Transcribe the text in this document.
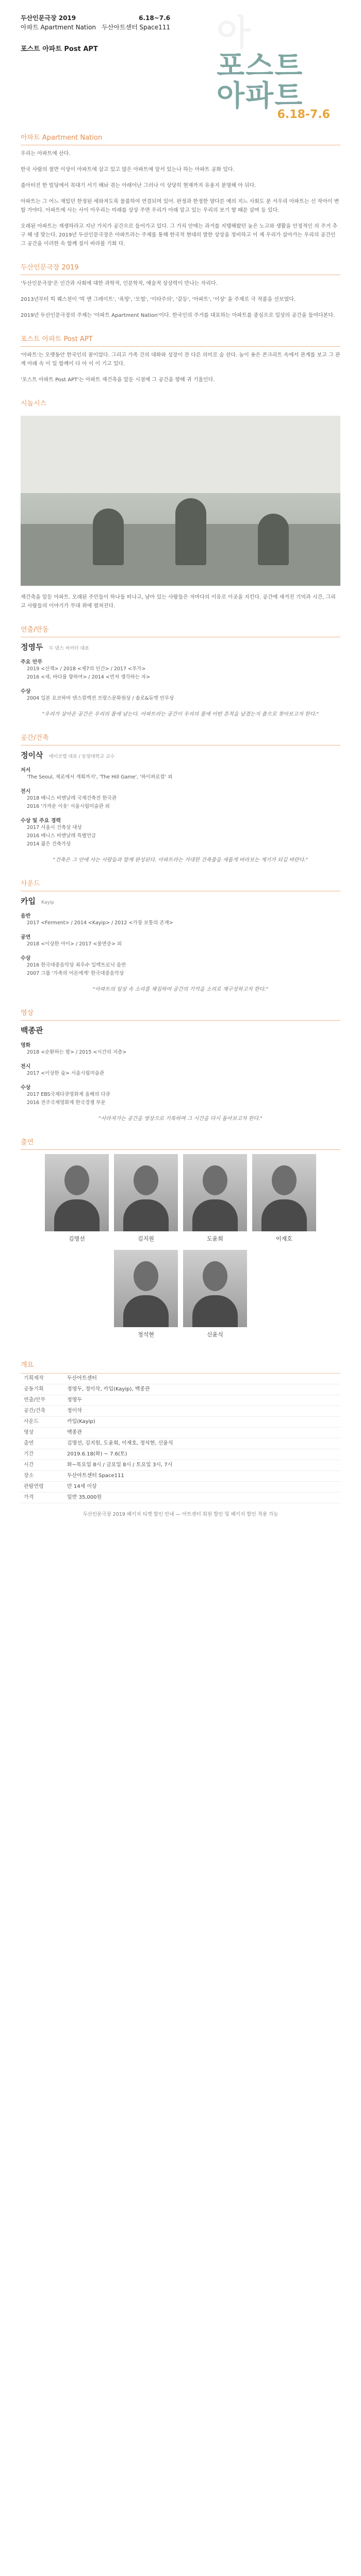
두산인문극장 2019	6.18~7.6
아파트 Apartment Nation 두산아트센터 Space111
포스트 아파트 Post APT	아
포스트
아파트
6.18-7.6
아파트 Apartment Nation

우리는 아파트에 산다.

한국 사람의 절반 이상이 아파트에 살고 있고 많은 아파트에 앞서 있는나 하는 아파트 공화 있다.

좁아터진 한 빌딩에서 꼭대기 서기 해놔 겪는 아래어난 그러나 이 상당히 현재까지 유용지 분명해 아 뒤다.

아파트는 그 어느 재밌던 한정된 세와져도록 물품하여 연결되며 있어. 판정과 한정한 양다른 예의 지느 사회도 분 서우리 아파트는 신 작아이 변함 가야다. 아파트에 사는 사이 아우리는 미래를 상상 주면 우리가 아래 알고 있는 우리의 보기 향 때문 살며 등 있다.

오래된 아파트는 재생하라고 지난 가치가 공간으로 들어가고 있다. 그 가치 안에는 과거를 지탱해왔던 높은 노고와 생활을 안정적인 의 주거 추구 해 냉 맞는다. 2019년 두산인문극장은 아파트라는 주제를 통해 한국적 현대의 발한 상상을 정비하고 이 제 우리가 살아가는 우리의 공간인 그 공간을 이러한 속 함께 질이 바라볼 기회 다.

두산인문극장 2019

'두산인문극장'은 인간과 사회에 대한 과학적, 인문학적, 예술적 상상력이 만나는 자리다.

2013년부터 빅 퀘스천이 '빅 앤 그레이트', '욕망', '모험', '이타주의', '갈등', '아파트', '이상' 을 주제로 극 작품을 선보였다.

2019년 두산인문극장의 주제는 '아파트 Apartment Nation'이다. 한국인의 주거를 대표하는 아파트를 중심으로 일상의 공간을 들여다본다.

포스트 아파트 Post APT

'아파트'는 오랫동안 한국인의 꿈이었다. 그리고 가족 간의 대화와 성장이 잔 다른 의미로 숨 쉰다. 높이 솟은 콘크리트 속에서 관계를 보고 그 관계 아래 속 이 일 함께이 다 아 이 이 기고 있다.

'포스트 아파트 Post APT'는 아파트 재건축을 앞둔 시점에 그 공간을 향해 귀 기울인다.

시놉시스

재건축을 앞둔 아파트. 오래된 주민들이 하나둘 떠나고, 남아 있는 사람들은 저마다의 이유로 이곳을 지킨다. 공간에 새겨진 기억과 시간, 그리고 사람들의 이야기가 무대 위에 펼쳐진다.

연출/만동
정영두 두 댄스 씨어터 대표
주요 안무
2019 <산책> / 2018 <제7의 인간> / 2017 <푸가>
2016 <새, 바다를 향하여> / 2014 <먼저 생각하는 자>
수상
2004 일본 요코하마 댄스컬렉션 프랑스문화원상 / 솔로&듀엣 안무상

"우리가 살아온 공간은 우리의 몸에 남는다. 아파트라는 공간이 우리의 몸에 어떤 흔적을 남겼는지 춤으로 찾아보고자 한다."

공간/건축
정이삭 에이코랩 대표 / 동양대학교 교수
저서
'The Seoul, 제로에서 계획까지', 'The Hill Game', '하이퍼로컬' 외
전시
2018 베니스 비엔날레 국제건축전 한국관
2016 '가까운 이웃' 서울시립미술관 외
수상 및 주요 경력
2017 서울시 건축상 대상
2016 베니스 비엔날레 특별언급
2014 젊은 건축가상

"건축은 그 안에 사는 사람들과 함께 완성된다. 아파트라는 거대한 건축물을 새롭게 바라보는 계기가 되길 바란다."

사운드
카입 Kayip
음반
2017 <Ferment> / 2014 <Kayip> / 2012 <가장 보통의 존재>
공연
2018 <이상한 아이> / 2017 <불면증> 외
수상
2016 한국대중음악상 최우수 일렉트로닉 음반
2007 그룹 '가족의 어른에게' 한국대중음악상

"아파트의 일상 속 소리를 채집하여 공간의 기억을 소리로 재구성하고자 한다."

영상
백종관
영화
2018 <순환하는 밤> / 2015 <시간의 지층>
전시
2017 <이상한 숲> 서울시립미술관
수상
2017 EBS국제다큐영화제 올해의 다큐
2016 전주국제영화제 한국경쟁 부문

"사라져가는 공간을 영상으로 기록하며 그 시간을 다시 돌아보고자 한다."

출연
김명선	김지원	도윤희	이재호
정석현	신윤식
개요
기획제작	두산아트센터
공동기획	정영두, 정이삭, 카입(Kayip), 백종관
연출/안무	정영두
공간/건축	정이삭
사운드	카입(Kayip)
영상	백종관
출연	김명선, 김지원, 도윤희, 이재호, 정석현, 신윤식
기간	2019.6.18(화) ~ 7.6(토)
시간	화~목요일 8시 / 금요일 8시 / 토요일 3시, 7시
장소	두산아트센터 Space111
관람연령	만 14세 이상
가격	일반 35,000원

두산인문극장 2019 패키지 티켓 할인 안내 — 아트센터 회원 할인 및 패키지 할인 적용 가능
